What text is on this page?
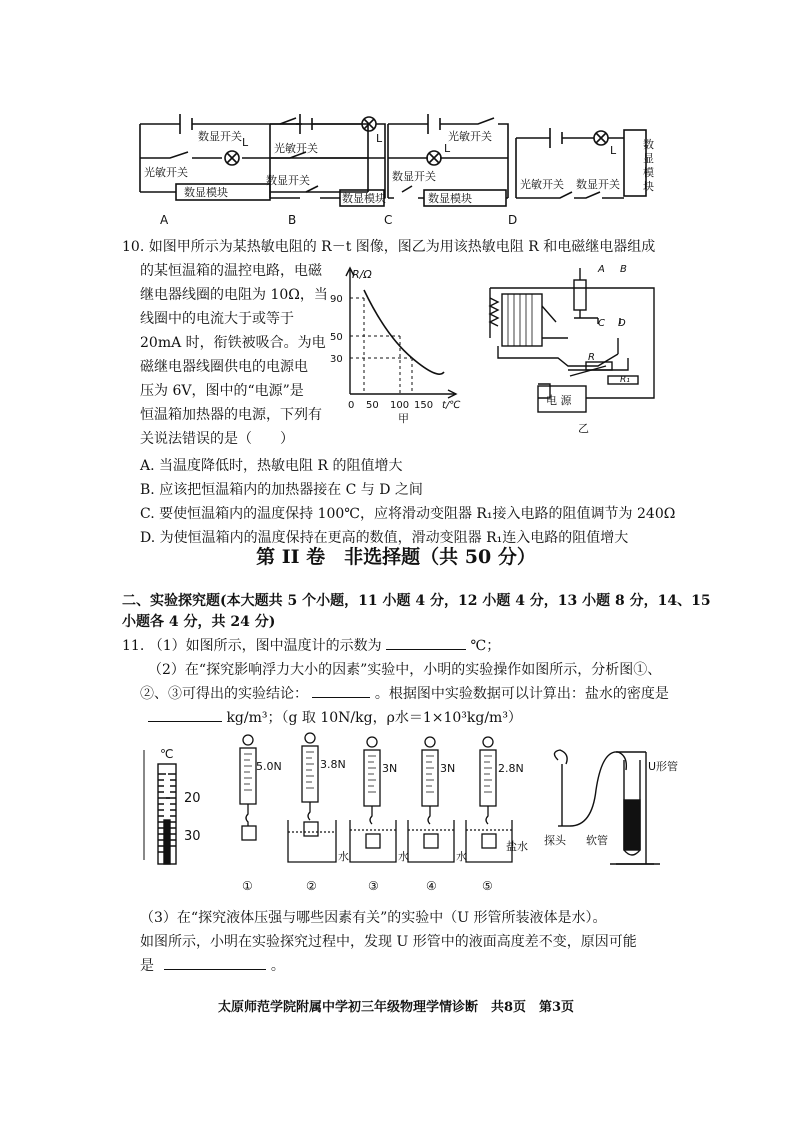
数显开关 L
光敏开关
数显模块
A
光敏开关
L
数显开关
数显模块
B
光敏开关
L
数显开关
数显模块
C
L
光敏开关 数显开关
数
显
模
块
D
10. 如图甲所示为某热敏电阻的 R－t 图像，图乙为用该热敏电阻 R 和电磁继电器组成
的某恒温箱的温控电路，电磁
继电器线圈的电阻为 10Ω，当
线圈中的电流大于或等于
20mA 时，衔铁被吸合。为电
磁继电器线圈供电的电源电
压为 6V，图中的“电源”是
恒温箱加热器的电源，下列有
关说法错误的是（　　）
R/Ω
90
50
30
0 50 100 150 t/℃
甲
A B
C D
R
R₁
电 源
乙
A. 当温度降低时，热敏电阻 R 的阻值增大
B. 应该把恒温箱内的加热器接在 C 与 D 之间
C. 要使恒温箱内的温度保持 100℃，应将滑动变阻器 R₁接入电路的阻值调节为 240Ω
D. 为使恒温箱内的温度保持在更高的数值，滑动变阻器 R₁连入电路的阻值增大
第 II 卷　非选择题（共 50 分）
二、实验探究题(本大题共 5 个小题，11 小题 4 分，12 小题 4 分，13 小题 8 分，14、15
小题各 4 分，共 24 分)
11. （1）如图所示，图中温度计的示数为	℃；
（2）在“探究影响浮力大小的因素”实验中，小明的实验操作如图所示，分析图①、
②、③可得出的实验结论：	。根据图中实验数据可以计算出：盐水的密度是
kg/m³；（g 取 10N/kg，ρ水＝1×10³kg/m³）
℃
20
30
5.0N	3.8N	3N	3N	2.8N
水	水	水
盐水
①	②	③	④	⑤
U形管
探头 软管
（3）在“探究液体压强与哪些因素有关”的实验中（U 形管所装液体是水）。
如图所示，小明在实验探究过程中，发现 U 形管中的液面高度差不变，原因可能
是	。
太原师范学院附属中学初三年级物理学情诊断　共8页　第3页
